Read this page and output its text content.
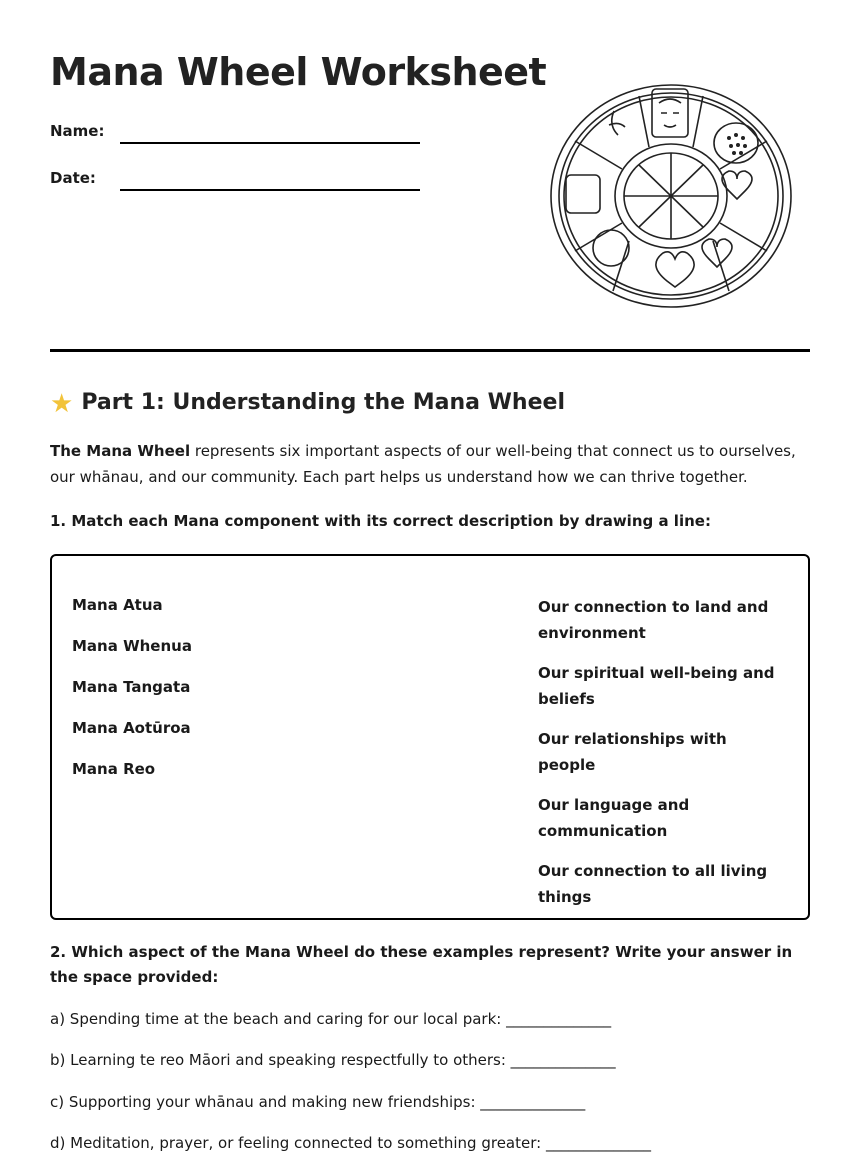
Mana Wheel Worksheet
Name:
Date:
★ Part 1: Understanding the Mana Wheel

The Mana Wheel represents six important aspects of our well-being that connect us to ourselves, our whānau, and our community. Each part helps us understand how we can thrive together.

1. Match each Mana component with its correct description by drawing a line:

Mana Atua
Mana Whenua
Mana Tangata
Mana Aotūroa
Mana Reo
Our connection to land and environment
Our spiritual well-being and beliefs
Our relationships with people
Our language and communication
Our connection to all living things

2. Which aspect of the Mana Wheel do these examples represent? Write your answer in the space provided:

a) Spending time at the beach and caring for our local park: ______________
b) Learning te reo Māori and speaking respectfully to others: ______________
c) Supporting your whānau and making new friendships: ______________
d) Meditation, prayer, or feeling connected to something greater: ______________
